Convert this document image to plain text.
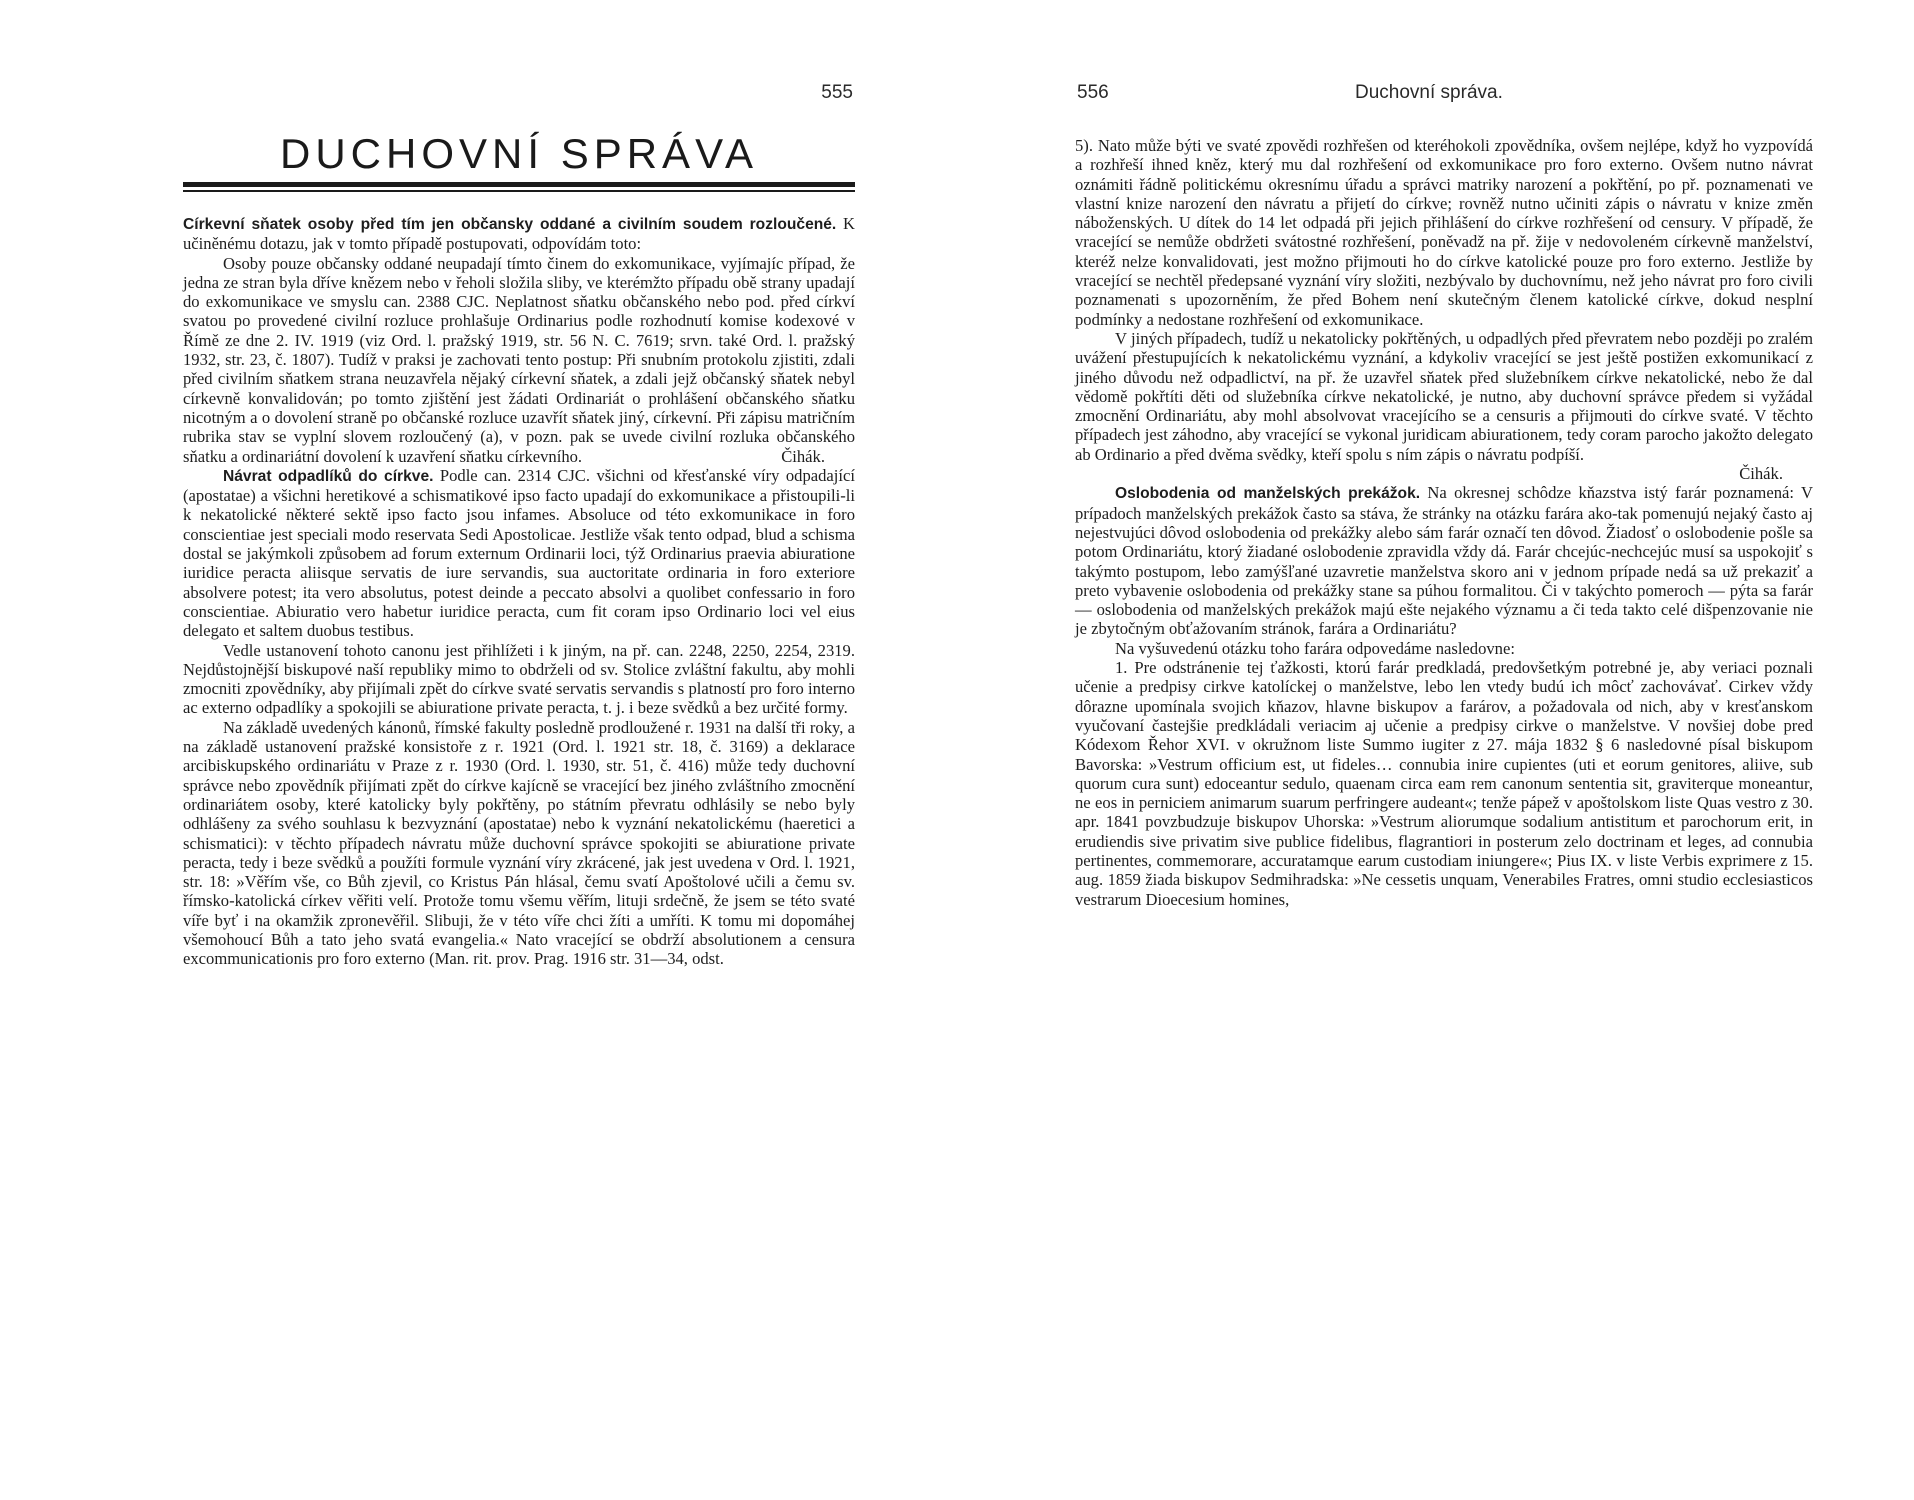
555
DUCHOVNÍ SPRÁVA

Církevní sňatek osoby před tím jen občansky oddané a civilním soudem rozloučené. K učiněnému dotazu, jak v tomto případě postupovati, odpovídám toto:

Osoby pouze občansky oddané neupadají tímto činem do exkomunikace, vyjímajíc případ, že jedna ze stran byla dříve knězem nebo v řeholi složila sliby, ve kterémžto případu obě strany upadají do exkomunikace ve smyslu can. 2388 CJC. Neplatnost sňatku občanského nebo pod. před církví svatou po provedené civilní rozluce prohlašuje Ordinarius podle rozhodnutí komise kodexové v Římě ze dne 2. IV. 1919 (viz Ord. l. pražský 1919, str. 56 N. C. 7619; srvn. také Ord. l. pražský 1932, str. 23, č. 1807). Tudíž v praksi je zachovati tento postup: Při snubním protokolu zjistiti, zdali před civilním sňatkem strana neuzavřela nějaký církevní sňatek, a zdali jejž občanský sňatek nebyl církevně konvalidován; po tomto zjištění jest žádati Ordinariát o prohlášení občanského sňatku nicotným a o dovolení straně po občanské rozluce uzavřít sňatek jiný, církevní. Při zápisu matričním rubrika stav se vyplní slovem rozloučený (a), v pozn. pak se uvede civilní rozluka občanského sňatku a ordinariátní dovolení k uzavření sňatku církevního.	Čihák.

Návrat odpadlíků do církve. Podle can. 2314 CJC. všichni od křesťanské víry odpadající (apostatae) a všichni heretikové a schismatikové ipso facto upadají do exkomunikace a přistoupili-li k nekatolické některé sektě ipso facto jsou infames. Absoluce od této exkomunikace in foro conscientiae jest speciali modo reservata Sedi Apostolicae. Jestliže však tento odpad, blud a schisma dostal se jakýmkoli způsobem ad forum externum Ordinarii loci, týž Ordinarius praevia abiuratione iuridice peracta aliisque servatis de iure servandis, sua auctoritate ordinaria in foro exteriore absolvere potest; ita vero absolutus, potest deinde a peccato absolvi a quolibet confessario in foro conscientiae. Abiuratio vero habetur iuridice peracta, cum fit coram ipso Ordinario loci vel eius delegato et saltem duobus testibus.

Vedle ustanovení tohoto canonu jest přihlížeti i k jiným, na př. can. 2248, 2250, 2254, 2319. Nejdůstojnější biskupové naší republiky mimo to obdrželi od sv. Stolice zvláštní fakultu, aby mohli zmocniti zpovědníky, aby přijímali zpět do církve svaté servatis servandis s platností pro foro interno ac externo odpadlíky a spokojili se abiuratione private peracta, t. j. i beze svědků a bez určité formy.

Na základě uvedených kánonů, římské fakulty posledně prodloužené r. 1931 na další tři roky, a na základě ustanovení pražské konsistoře z r. 1921 (Ord. l. 1921 str. 18, č. 3169) a deklarace arcibiskupského ordinariátu v Praze z r. 1930 (Ord. l. 1930, str. 51, č. 416) může tedy duchovní správce nebo zpovědník přijímati zpět do církve kajícně se vracející bez jiného zvláštního zmocnění ordinariátem osoby, které katolicky byly pokřtěny, po státním převratu odhlásily se nebo byly odhlášeny za svého souhlasu k bezvyznání (apostatae) nebo k vyznání nekatolickému (haeretici a schismatici): v těchto případech návratu může duchovní správce spokojiti se abiuratione private peracta, tedy i beze svědků a použíti formule vyznání víry zkrácené, jak jest uvedena v Ord. l. 1921, str. 18: »Věřím vše, co Bůh zjevil, co Kristus Pán hlásal, čemu svatí Apoštolové učili a čemu sv. římsko-katolická církev věřiti velí. Protože tomu všemu věřím, lituji srdečně, že jsem se této svaté víře byť i na okamžik zpronevěřil. Slibuji, že v této víře chci žíti a umříti. K tomu mi dopomáhej všemohoucí Bůh a tato jeho svatá evangelia.« Nato vracející se obdrží absolutionem a censura excommunicationis pro foro externo (Man. rit. prov. Prag. 1916 str. 31—34, odst.

556	Duchovní správa.

5). Nato může býti ve svaté zpovědi rozhřešen od kteréhokoli zpovědníka, ovšem nejlépe, když ho vyzpovídá a rozhřeší ihned kněz, který mu dal rozhřešení od exkomunikace pro foro externo. Ovšem nutno návrat oznámiti řádně politickému okresnímu úřadu a správci matriky narození a pokřtění, po př. poznamenati ve vlastní knize narození den návratu a přijetí do církve; rovněž nutno učiniti zápis o návratu v knize změn náboženských. U dítek do 14 let odpadá při jejich přihlášení do církve rozhřešení od censury. V případě, že vracející se nemůže obdržeti svátostné rozhřešení, poněvadž na př. žije v nedovoleném církevně manželství, kteréž nelze konvalidovati, jest možno přijmouti ho do církve katolické pouze pro foro externo. Jestliže by vracející se nechtěl předepsané vyznání víry složiti, nezbývalo by duchovnímu, než jeho návrat pro foro civili poznamenati s upozorněním, že před Bohem není skutečným členem katolické církve, dokud nesplní podmínky a nedostane rozhřešení od exkomunikace.

V jiných případech, tudíž u nekatolicky pokřtěných, u odpadlých před převratem nebo později po zralém uvážení přestupujících k nekatolickému vyznání, a kdykoliv vracející se jest ještě postižen exkomunikací z jiného důvodu než odpadlictví, na př. že uzavřel sňatek před služebníkem církve nekatolické, nebo že dal vědomě pokřtíti děti od služebníka církve nekatolické, je nutno, aby duchovní správce předem si vyžádal zmocnění Ordinariátu, aby mohl absolvovat vracejícího se a censuris a přijmouti do církve svaté. V těchto případech jest záhodno, aby vracející se vykonal juridicam abiurationem, tedy coram parocho jakožto delegato ab Ordinario a před dvěma svědky, kteří spolu s ním zápis o návratu podpíší.

Čihák.

Oslobodenia od manželských prekážok. Na okresnej schôdze kňazstva istý farár poznamená: V prípadoch manželských prekážok často sa stáva, že stránky na otázku farára ako-tak pomenujú nejaký často aj nejestvujúci dôvod oslobodenia od prekážky alebo sám farár označí ten dôvod. Žiadosť o oslobodenie pošle sa potom Ordinariátu, ktorý žiadané oslobodenie zpravidla vždy dá. Farár chcejúc-nechcejúc musí sa uspokojiť s takýmto postupom, lebo zamýšľané uzavretie manželstva skoro ani v jednom prípade nedá sa už prekaziť a preto vybavenie oslobodenia od prekážky stane sa púhou formalitou. Či v takýchto pomeroch — pýta sa farár — oslobodenia od manželských prekážok majú ešte nejakého významu a či teda takto celé dišpenzovanie nie je zbytočným obťažovaním stránok, farára a Ordinariátu?

Na vyšuvedenú otázku toho farára odpovedáme nasledovne:

1. Pre odstránenie tej ťažkosti, ktorú farár predkladá, predovšetkým potrebné je, aby veriaci poznali učenie a predpisy cirkve katolíckej o manželstve, lebo len vtedy budú ich môcť zachovávať. Cirkev vždy dôrazne upomínala svojich kňazov, hlavne biskupov a farárov, a požadovala od nich, aby v kresťanskom vyučovaní častejšie predkládali veriacim aj učenie a predpisy cirkve o manželstve. V novšiej dobe pred Kódexom Řehor XVI. v okružnom liste Summo iugiter z 27. mája 1832 § 6 nasledovné písal biskupom Bavorska: »Vestrum officium est, ut fideles… connubia inire cupientes (uti et eorum genitores, aliive, sub quorum cura sunt) edoceantur sedulo, quaenam circa eam rem canonum sententia sit, graviterque moneantur, ne eos in perniciem animarum suarum perfringere audeant«; tenže pápež v apoštolskom liste Quas vestro z 30. apr. 1841 povzbudzuje biskupov Uhorska: »Vestrum aliorumque sodalium antistitum et parochorum erit, in erudiendis sive privatim sive publice fidelibus, flagrantiori in posterum zelo doctrinam et leges, ad connubia pertinentes, commemorare, accuratamque earum custodiam iniungere«; Pius IX. v liste Verbis exprimere z 15. aug. 1859 žiada biskupov Sedmihradska: »Ne cessetis unquam, Venerabiles Fratres, omni studio ecclesiasticos vestrarum Dioecesium homines,
